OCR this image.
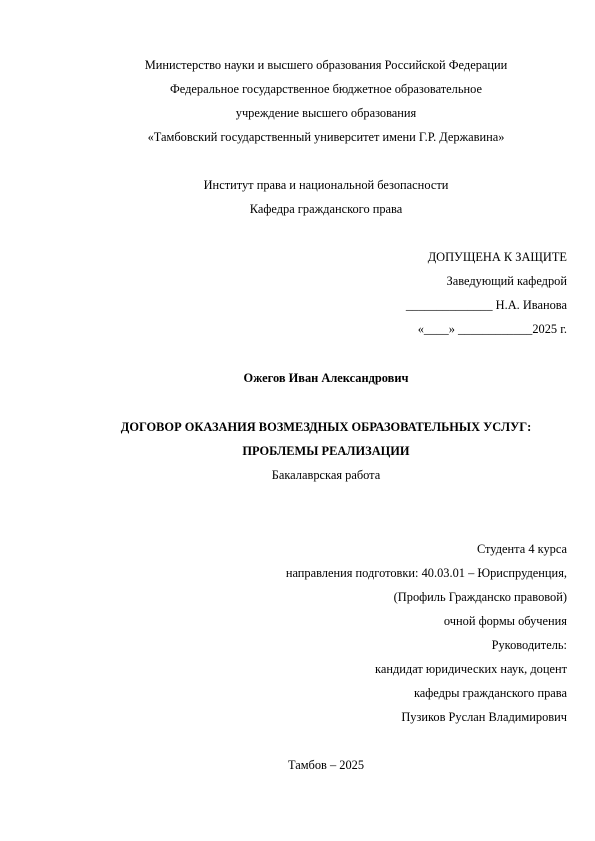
Министерство науки и высшего образования Российской Федерации
Федеральное государственное бюджетное образовательное
учреждение высшего образования
«Тамбовский государственный университет имени Г.Р. Державина»
Институт права и национальной безопасности
Кафедра гражданского права
ДОПУЩЕНА К ЗАЩИТЕ
Заведующий кафедрой
______________ Н.А. Иванова
«____» ____________2025 г.
Ожегов Иван Александрович
ДОГОВОР ОКАЗАНИЯ ВОЗМЕЗДНЫХ ОБРАЗОВАТЕЛЬНЫХ УСЛУГ:
ПРОБЛЕМЫ РЕАЛИЗАЦИИ
Бакалаврская работа
Студента 4 курса
направления подготовки: 40.03.01 – Юриспруденция,
(Профиль Гражданско правовой)
очной формы обучения
Руководитель:
кандидат юридических наук, доцент
кафедры гражданского права
Пузиков Руслан Владимирович
Тамбов – 2025
